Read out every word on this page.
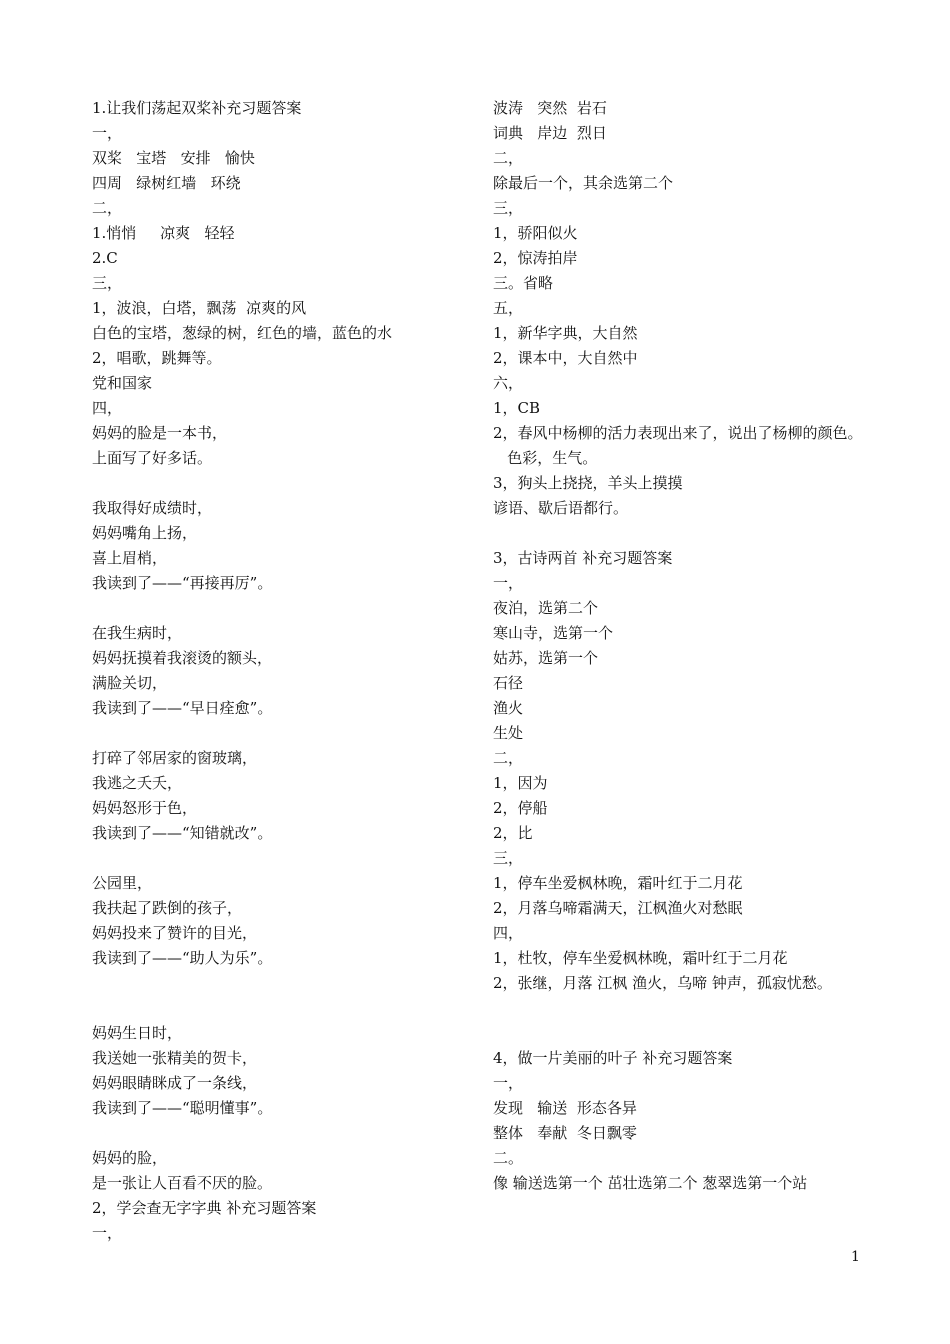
1.让我们荡起双桨补充习题答案
一，
双桨   宝塔   安排   愉快
四周   绿树红墙   环绕
二，
1.悄悄     凉爽   轻轻
2.C
三，
1，波浪，白塔，飘荡  凉爽的风
白色的宝塔，葱绿的树，红色的墙，蓝色的水
2，唱歌，跳舞等。
党和国家
四，
妈妈的脸是一本书，
上面写了好多话。
我取得好成绩时，
妈妈嘴角上扬，
喜上眉梢，
我读到了——“再接再厉”。
在我生病时，
妈妈抚摸着我滚烫的额头，
满脸关切，
我读到了——“早日痊愈”。
打碎了邻居家的窗玻璃，
我逃之夭夭，
妈妈怒形于色，
我读到了——“知错就改”。
公园里，
我扶起了跌倒的孩子，
妈妈投来了赞许的目光，
我读到了——“助人为乐”。
妈妈生日时，
我送她一张精美的贺卡，
妈妈眼睛眯成了一条线，
我读到了——“聪明懂事”。
妈妈的脸，
是一张让人百看不厌的脸。
2，学会查无字字典 补充习题答案
一，
波涛   突然  岩石
词典   岸边  烈日
二，
除最后一个，其余选第二个
三，
1，骄阳似火
2，惊涛拍岸
三。省略
五，
1，新华字典，大自然
2，课本中，大自然中
六，
1，CB
2，春风中杨柳的活力表现出来了，说出了杨柳的颜色。
色彩，生气。
3，狗头上挠挠，羊头上摸摸
谚语、歇后语都行。
3，古诗两首 补充习题答案
一，
夜泊，选第二个
寒山寺，选第一个
姑苏，选第一个
石径
渔火
生处
二，
1，因为
2，停船
2，比
三，
1，停车坐爱枫林晚，霜叶红于二月花
2，月落乌啼霜满天，江枫渔火对愁眠
四，
1，杜牧，停车坐爱枫林晚，霜叶红于二月花
2，张继，月落 江枫 渔火，乌啼 钟声，孤寂忧愁。
4，做一片美丽的叶子 补充习题答案
一，
发现   输送  形态各异
整体   奉献  冬日飘零
二。
像 输送选第一个 茁壮选第二个 葱翠选第一个站
1
